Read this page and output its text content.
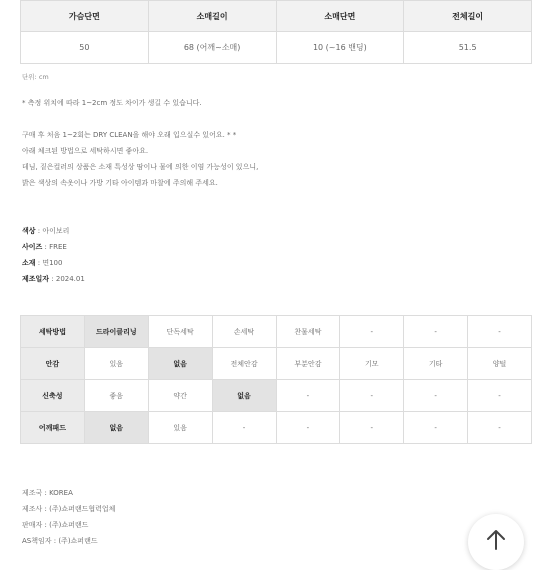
가슴단면	소매길이	소매단면	전체길이
50	68 (어깨~소매)	10 (~16 밴딩)	51.5
단위: cm
* 측정 위치에 따라 1~2cm 정도 차이가 생길 수 있습니다.
구매 후 처음 1~2회는 DRY CLEAN을 해야 오래 입으실수 있어요. * *
아래 체크된 방법으로 세탁하시면 좋아요.
데님, 짙은컬러의 상품은 소재 특성상 땀이나 물에 의한 이염 가능성이 있으니,
밝은 색상의 속옷이나 가방 기타 아이템과 마찰에 주의해 주세요.
색상 : 아이보리
사이즈 : FREE
소재 : 면100
제조일자 : 2024.01
세탁방법	드라이클리닝	단독세탁	손세탁	찬물세탁	-	-	-
안감	있음	없음	전체안감	부분안감	기모	기타	양털
신축성	좋음	약간	없음	-	-	-	-
어깨패드	없음	있음	-	-	-	-	-
제조국 : KOREA
제조사 : (주)쇼퍼랜드협력업체
판매자 : (주)쇼퍼랜드
AS책임자 : (주)쇼퍼랜드
